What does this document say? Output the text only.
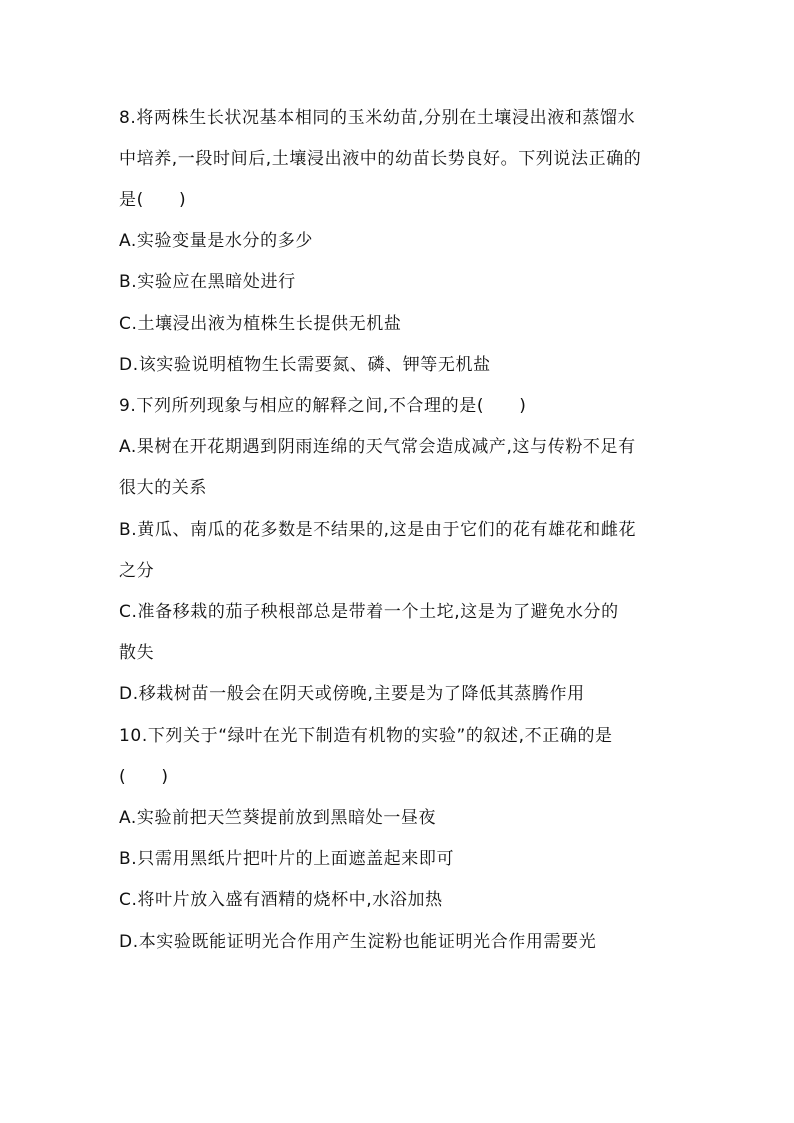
8.将两株生长状况基本相同的玉米幼苗,分别在土壤浸出液和蒸馏水
中培养,一段时间后,土壤浸出液中的幼苗长势良好。下列说法正确的
是(　　)
A.实验变量是水分的多少
B.实验应在黑暗处进行
C.土壤浸出液为植株生长提供无机盐
D.该实验说明植物生长需要氮、磷、钾等无机盐
9.下列所列现象与相应的解释之间,不合理的是(　　)
A.果树在开花期遇到阴雨连绵的天气常会造成减产,这与传粉不足有
很大的关系
B.黄瓜、南瓜的花多数是不结果的,这是由于它们的花有雄花和雌花
之分
C.准备移栽的茄子秧根部总是带着一个土坨,这是为了避免水分的
散失
D.移栽树苗一般会在阴天或傍晚,主要是为了降低其蒸腾作用
10.下列关于“绿叶在光下制造有机物的实验”的叙述,不正确的是
(　　)
A.实验前把天竺葵提前放到黑暗处一昼夜
B.只需用黑纸片把叶片的上面遮盖起来即可
C.将叶片放入盛有酒精的烧杯中,水浴加热
D.本实验既能证明光合作用产生淀粉也能证明光合作用需要光
